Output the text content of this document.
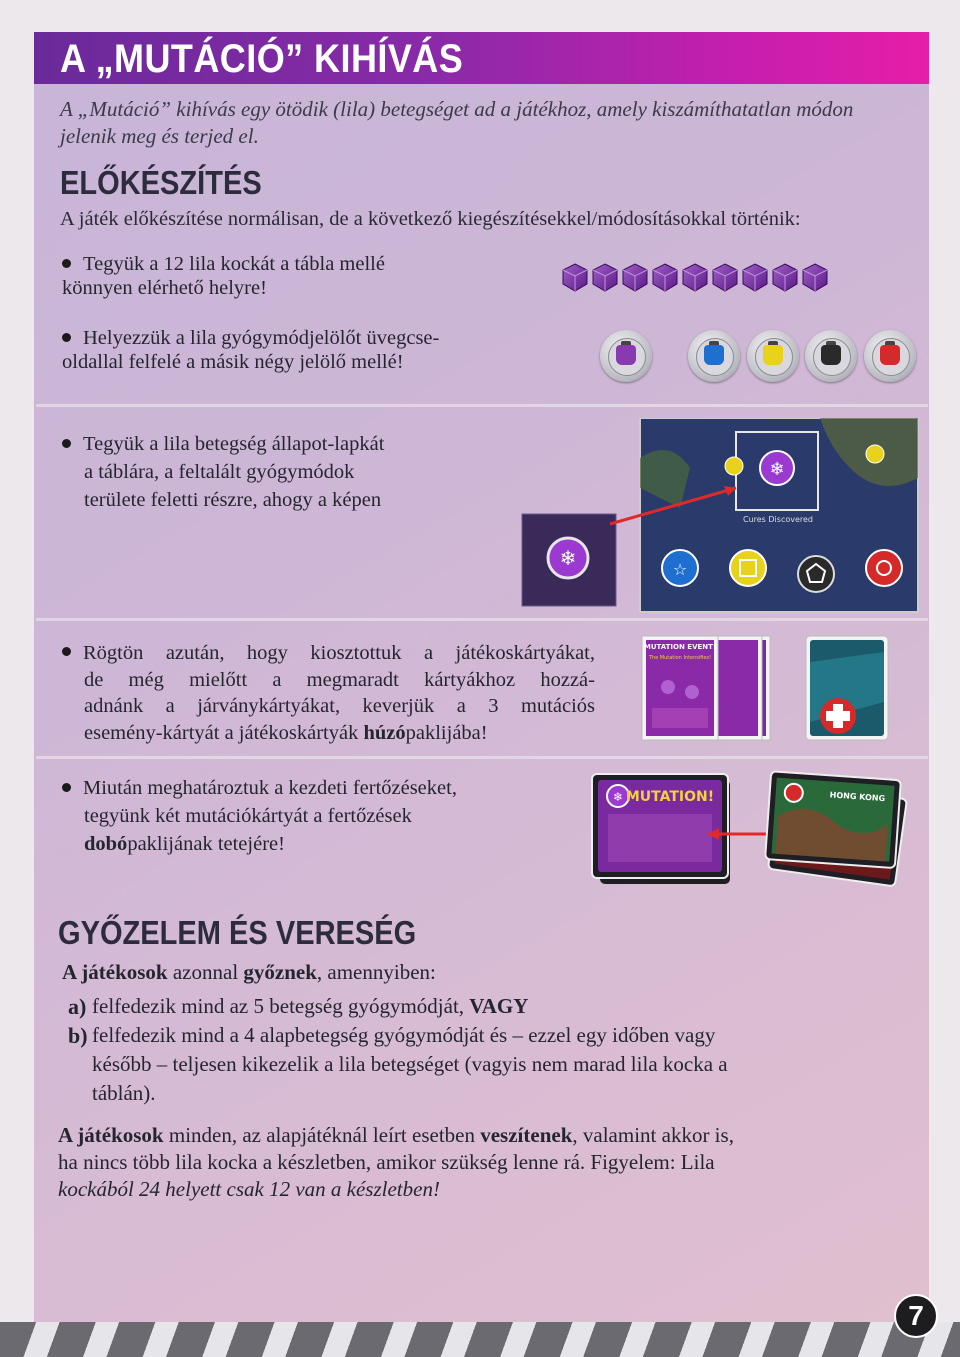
A „MUTÁCIÓ” KIHÍVÁS
A „Mutáció” kihívás egy ötödik (lila) betegséget ad a játékhoz, amely kiszámíthatatlan módon jelenik meg és terjed el.
ELŐKÉSZÍTÉS
A játék előkészítése normálisan, de a következő kiegészítésekkel/módosításokkal történik:
Tegyük a 12 lila kockát a tábla mellé
könnyen elérhető helyre!
Helyezzük a lila gyógymódjelölőt üvegcse-
oldallal felfelé a másik négy jelölő mellé!
Tegyük a lila betegség állapot-lapkát
a táblára, a feltalált gyógymódok
területe feletti részre, ahogy a képen
❄
❄
Cures Discovered
☆
Rögtön azután, hogy kiosztottuk a játékoskártyákat,
de még mielőtt a megmaradt kártyákhoz hozzá-
adnánk a járványkártyákat, keverjük a 3 mutációs
esemény-kártyát a játékoskártyák húzópaklijába!
MUTATION EVENT!
The Mutation Intensifies!
Miután meghatároztuk a kezdeti fertőzéseket,
tegyünk két mutációkártyát a fertőzések
dobópaklijának tetejére!
❄ MUTATION!	HONG KONG
GYŐZELEM ÉS VERESÉG
A játékosok azonnal győznek, amennyiben:
a) felfedezik mind az 5 betegség gyógymódját, VAGY
b) felfedezik mind a 4 alapbetegség gyógymódját és – ezzel egy időben vagy
később – teljesen kikezelik a lila betegséget (vagyis nem marad lila kocka a
táblán).
A játékosok minden, az alapjátéknál leírt esetben veszítenek, valamint akkor is,
ha nincs több lila kocka a készletben, amikor szükség lenne rá. Figyelem: Lila
kockából 24 helyett csak 12 van a készletben!
7
